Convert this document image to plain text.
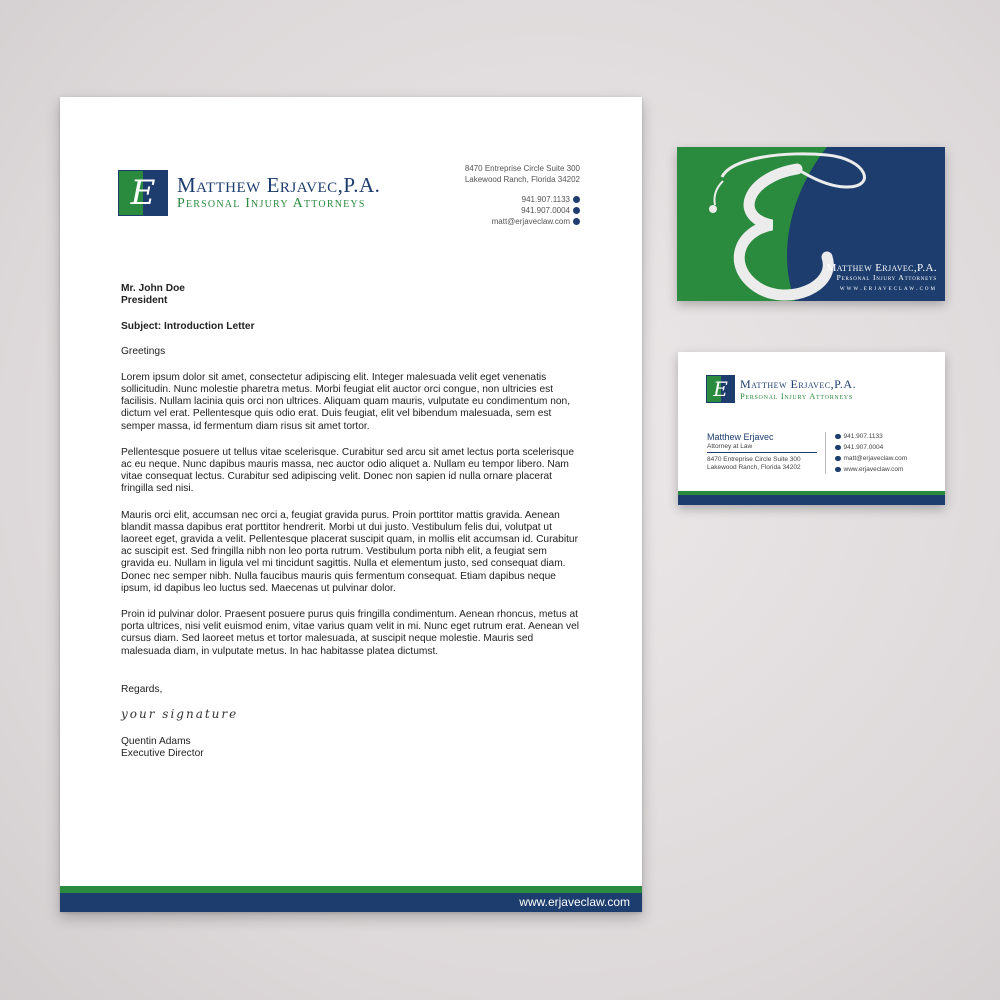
E	Matthew Erjavec,P.A.
Personal Injury Attorneys
8470 Entreprise Circle Suite 300
Lakewood Ranch, Florida 34202
941.907.1133
941.907.0004
matt@erjaveclaw.com

Mr. John Doe

President

Subject: Introduction Letter

Greetings

Lorem ipsum dolor sit amet, consectetur adipiscing elit. Integer malesuada velit eget venenatis sollicitudin. Nunc molestie pharetra metus. Morbi feugiat elit auctor orci congue, non ultricies est facilisis. Nullam lacinia quis orci non ultrices. Aliquam quam mauris, vulputate eu condimentum non, dictum vel erat. Pellentesque quis odio erat. Duis feugiat, elit vel bibendum malesuada, sem est semper massa, id fermentum diam risus sit amet tortor.

Pellentesque posuere ut tellus vitae scelerisque. Curabitur sed arcu sit amet lectus porta scelerisque ac eu neque. Nunc dapibus mauris massa, nec auctor odio aliquet a. Nullam eu tempor libero. Nam vitae consequat lectus. Curabitur sed adipiscing velit. Donec non sapien id nulla ornare placerat fringilla sed nisi.

Mauris orci elit, accumsan nec orci a, feugiat gravida purus. Proin porttitor mattis gravida. Aenean blandit massa dapibus erat porttitor hendrerit. Morbi ut dui justo. Vestibulum felis dui, volutpat ut laoreet eget, gravida a velit. Pellentesque placerat suscipit quam, in mollis elit accumsan id. Curabitur ac suscipit est. Sed fringilla nibh non leo porta rutrum. Vestibulum porta nibh elit, a feugiat sem gravida eu. Nullam in ligula vel mi tincidunt sagittis. Nulla et elementum justo, sed consequat diam. Donec nec semper nibh. Nulla faucibus mauris quis fermentum consequat. Etiam dapibus neque ipsum, id dapibus leo luctus sed. Maecenas ut pulvinar dolor.

Proin id pulvinar dolor. Praesent posuere purus quis fringilla condimentum. Aenean rhoncus, metus at porta ultrices, nisi velit euismod enim, vitae varius quam velit in mi. Nunc eget rutrum erat. Aenean vel cursus diam. Sed laoreet metus et tortor malesuada, at suscipit neque molestie. Mauris sed malesuada diam, in vulputate metus. In hac habitasse platea dictumst.

Regards,

your signature

Quentin Adams

Executive Director

www.erjaveclaw.com
Matthew Erjavec,P.A.
Personal Injury Attorneys
www.erjaveclaw.com
E	Matthew Erjavec,P.A.
Personal Injury Attorneys
Matthew Erjavec
Attorney at Law
8470 Entreprise Circle Suite 300
Lakewood Ranch, Florida 34202
941.907.1133
941.907.0004
matt@erjaveclaw.com
www.erjaveclaw.com
